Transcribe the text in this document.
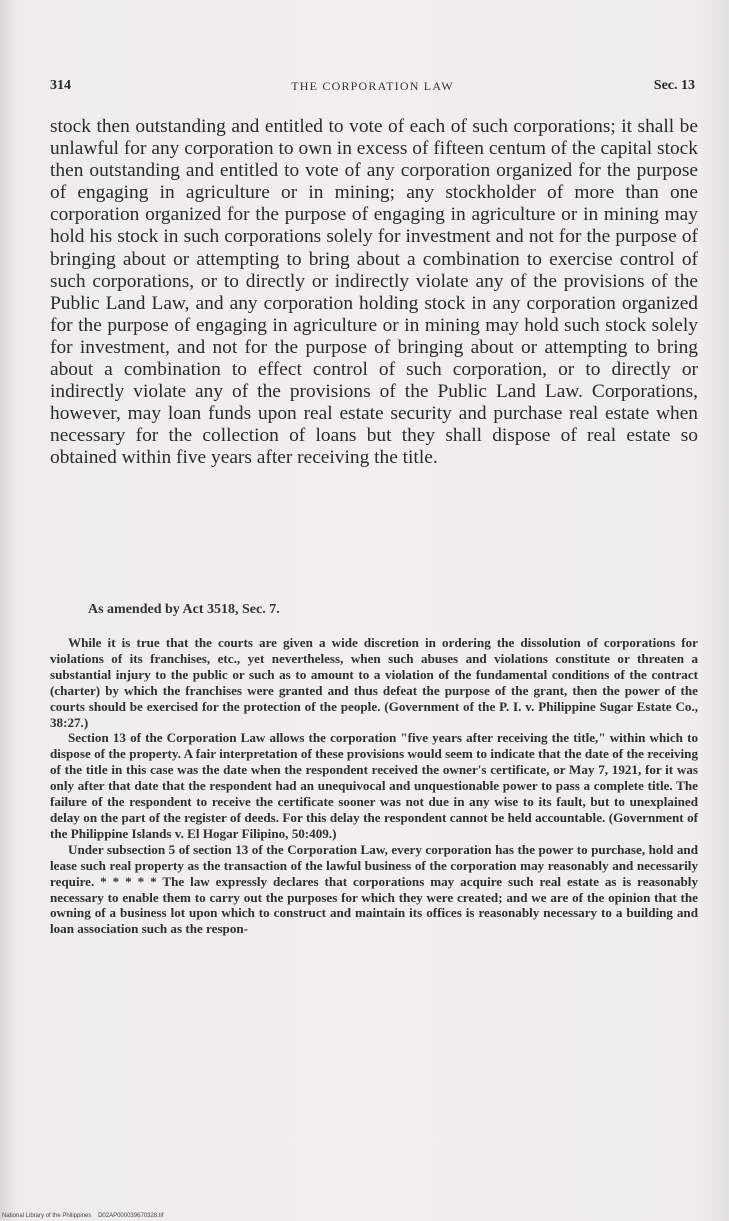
314	THE CORPORATION LAW	Sec. 13

stock then outstanding and entitled to vote of each of such corporations; it shall be unlawful for any corporation to own in excess of fifteen centum of the capital stock then outstanding and entitled to vote of any corporation organized for the purpose of engaging in agriculture or in mining; any stockholder of more than one corporation organized for the purpose of engaging in agriculture or in mining may hold his stock in such corporations solely for investment and not for the purpose of bringing about or attempting to bring about a combination to exercise control of such corporations, or to directly or indirectly violate any of the provisions of the Public Land Law, and any corporation holding stock in any corporation organized for the purpose of engaging in agriculture or in mining may hold such stock solely for investment, and not for the purpose of bringing about or attempting to bring about a combination to effect control of such corporation, or to directly or indirectly violate any of the provisions of the Public Land Law. Corporations, however, may loan funds upon real estate security and purchase real estate when necessary for the collection of loans but they shall dispose of real estate so obtained within five years after receiving the title.

As amended by Act 3518, Sec. 7.

While it is true that the courts are given a wide discretion in ordering the dissolution of corporations for violations of its franchises, etc., yet nevertheless, when such abuses and violations constitute or threaten a substantial injury to the public or such as to amount to a violation of the fundamental conditions of the contract (charter) by which the franchises were granted and thus defeat the purpose of the grant, then the power of the courts should be exercised for the protection of the people. (Government of the P. I. v. Philippine Sugar Estate Co., 38:27.)

Section 13 of the Corporation Law allows the corporation "five years after receiving the title," within which to dispose of the property. A fair interpretation of these provisions would seem to indicate that the date of the receiving of the title in this case was the date when the respondent received the owner's certificate, or May 7, 1921, for it was only after that date that the respondent had an unequivocal and unquestionable power to pass a complete title. The failure of the respondent to receive the certificate sooner was not due in any wise to its fault, but to unexplained delay on the part of the register of deeds. For this delay the respondent cannot be held accountable. (Government of the Philippine Islands v. El Hogar Filipino, 50:409.)

Under subsection 5 of section 13 of the Corporation Law, every corporation has the power to purchase, hold and lease such real property as the transaction of the lawful business of the corporation may reasonably and necessarily require. * * * * * The law expressly declares that corporations may acquire such real estate as is reasonably necessary to enable them to carry out the purposes for which they were created; and we are of the opinion that the owning of a business lot upon which to construct and maintain its offices is reasonably necessary to a building and loan association such as the respon-

National Library of the Philippines D02AP000039670328.tif
